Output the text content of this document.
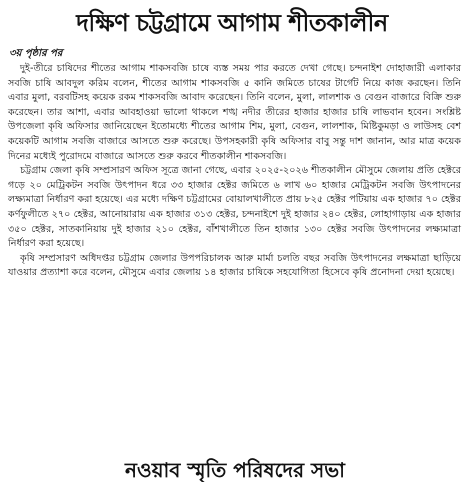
দক্ষিণ চট্টগ্রামে আগাম শীতকালীন
৩য় পৃষ্ঠার পর

দুই-তীরে চাষিদের শীতের আগাম শাকসবজি চাষে ব্যস্ত সময় পার করতে দেখা গেছে। চন্দনাইশ দোহাজারী এলাকার সবজি চাষি আবদুল করিম বলেন, শীতের আগাম শাকসবজি ৫ কানি জমিতে চাষের টার্গেট নিয়ে কাজ করছেন। তিনি এবার মুলা, বরবটিসহ কয়েক রকম শাকসবজি আবাদ করেছেন। তিনি বলেন, মুলা, লালশাক ও বেগুন বাজারে বিক্রি শুরু করেছেন। তার আশা, এবার আবহাওয়া ভালো থাকলে শঙ্খ নদীর তীরের হাজার হাজার চাষি লাভবান হবেন। সংশ্লিষ্ট উপজেলা কৃষি অফিসার জানিয়েছেন ইতোমধ্যে শীতের আগাম শিম, মুলা, বেগুন, লালশাক, মিষ্টিকুমড়া ও লাউসহ বেশ কয়েকটি আগাম সবজি বাজারে আসতে শুরু করেছে। উপসহকারী কৃষি অফিসার বাবু সন্তু দাশ জানান, আর মাত্র কয়েক দিনের মধ্যেই পুরোদমে বাজারে আসতে শুরু করবে শীতকালীন শাকসবজি।

চট্টগ্রাম জেলা কৃষি সম্প্রসারণ অফিস সূত্রে জানা গেছে, এবার ২০২৫-২০২৬ শীতকালীন মৌসুমে জেলায় প্রতি হেক্টরে গড়ে ২০ মেট্রিকটন সবজি উৎপাদন ধরে ৩৩ হাজার হেক্টর জমিতে ৬ লাখ ৬০ হাজার মেট্রিকটন সবজি উৎপাদনের লক্ষ্যমাত্রা নির্ধারণ করা হয়েছে। এর মধ্যে দক্ষিণ চট্টগ্রামের বোয়ালখালীতে প্রায় ৮২৫ হেক্টর পটিয়ায় এক হাজার ৭০ হেক্টর কর্ণফুলীতে ২৭০ হেক্টর, আনোয়ারায় এক হাজার ৩১৩ হেক্টর, চন্দনাইশে দুই হাজার ২৪০ হেক্টর, লোহাগাড়ায় এক হাজার ৩৫০ হেক্টর, সাতকানিয়ায় দুই হাজার ২১০ হেক্টর, বাঁশখালীতে তিন হাজার ১৩০ হেক্টর সবজি উৎপাদনের লক্ষ্যমাত্রা নির্ধারণ করা হয়েছে।

কৃষি সম্প্রসারণ অধিদপ্তর চট্টগ্রাম জেলার উপপরিচালক আরু মার্মা চলতি বছর সবজি উৎপাদনের লক্ষমাত্রা ছাড়িয়ে যাওয়ার প্রত্যাশা করে বলেন, মৌসুমে এবার জেলায় ১৪ হাজার চাষিকে সহযোগিতা হিসেবে কৃষি প্রনোদনা দেয়া হয়েছে।

নওয়াব স্মৃতি পরিষদের সভা
